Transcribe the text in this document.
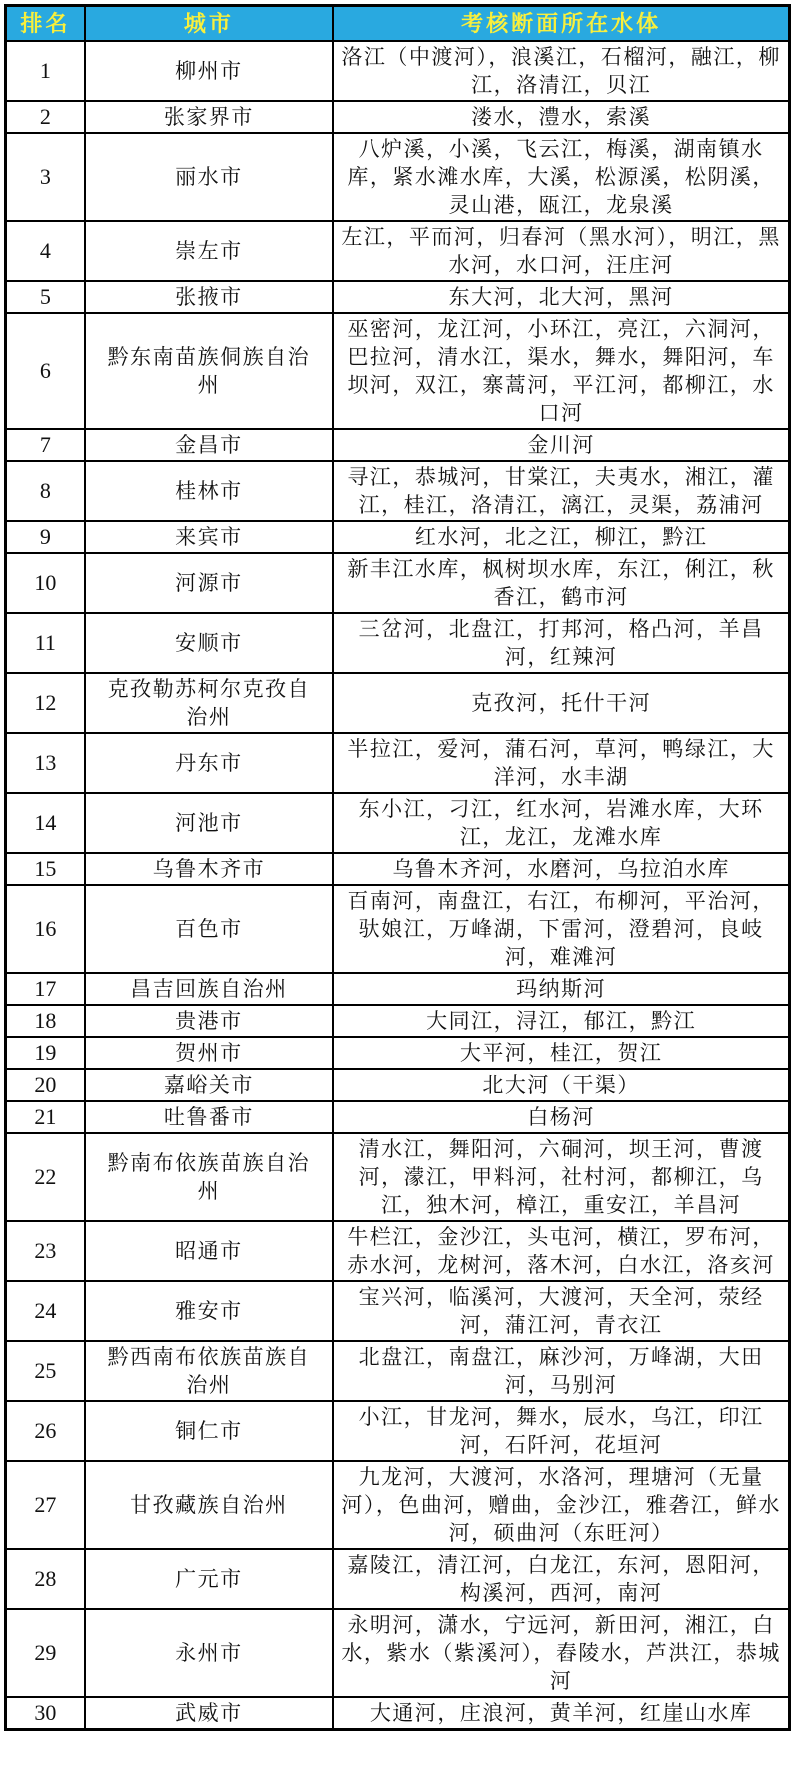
排名	城市	考核断面所在水体
1	柳州市	洛江（中渡河），浪溪江，石榴河，融江，柳江，洛清江，贝江
2	张家界市	溇水，澧水，索溪
3	丽水市	八炉溪，小溪，飞云江，梅溪，湖南镇水库，紧水滩水库，大溪，松源溪，松阴溪，灵山港，瓯江，龙泉溪
4	崇左市	左江，平而河，归春河（黑水河），明江，黑水河，水口河，汪庄河
5	张掖市	东大河，北大河，黑河
6	黔东南苗族侗族自治州	巫密河，龙江河，小环江，亮江，六洞河，巴拉河，清水江，渠水，舞水，舞阳河，车坝河，双江，寨蒿河，平江河，都柳江，水口河
7	金昌市	金川河
8	桂林市	寻江，恭城河，甘棠江，夫夷水，湘江，灌江，桂江，洛清江，漓江，灵渠，荔浦河
9	来宾市	红水河，北之江，柳江，黔江
10	河源市	新丰江水库，枫树坝水库，东江，俐江，秋香江，鹤市河
11	安顺市	三岔河，北盘江，打邦河，格凸河，羊昌河，红辣河
12	克孜勒苏柯尔克孜自治州	克孜河，托什干河
13	丹东市	半拉江，爱河，蒲石河，草河，鸭绿江，大洋河，水丰湖
14	河池市	东小江，刁江，红水河，岩滩水库，大环江，龙江，龙滩水库
15	乌鲁木齐市	乌鲁木齐河，水磨河，乌拉泊水库
16	百色市	百南河，南盘江，右江，布柳河，平治河，驮娘江，万峰湖，下雷河，澄碧河，良岐河，难滩河
17	昌吉回族自治州	玛纳斯河
18	贵港市	大同江，浔江，郁江，黔江
19	贺州市	大平河，桂江，贺江
20	嘉峪关市	北大河（干渠）
21	吐鲁番市	白杨河
22	黔南布依族苗族自治州	清水江，舞阳河，六硐河，坝王河，曹渡河，濛江，甲料河，社村河，都柳江，乌江，独木河，樟江，重安江，羊昌河
23	昭通市	牛栏江，金沙江，头屯河，横江，罗布河，赤水河，龙树河，落木河，白水江，洛亥河
24	雅安市	宝兴河，临溪河，大渡河，天全河，荥经河，蒲江河，青衣江
25	黔西南布依族苗族自治州	北盘江，南盘江，麻沙河，万峰湖，大田河，马别河
26	铜仁市	小江，甘龙河，舞水，辰水，乌江，印江河，石阡河，花垣河
27	甘孜藏族自治州	九龙河，大渡河，水洛河，理塘河（无量河），色曲河，赠曲，金沙江，雅砻江，鲜水河，硕曲河（东旺河）
28	广元市	嘉陵江，清江河，白龙江，东河，恩阳河，构溪河，西河，南河
29	永州市	永明河，潇水，宁远河，新田河，湘江，白水，紫水（紫溪河），舂陵水，芦洪江，恭城河
30	武威市	大通河，庄浪河，黄羊河，红崖山水库
